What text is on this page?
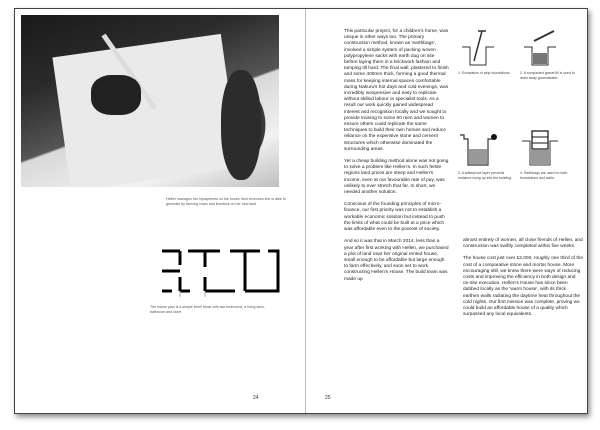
Hellen manages her repayments on the house from revenues she is able to generate by farming crops and livestock on her new land
The house plan is a simple 60m² block with two bedrooms, a living area, bathroom and store
24

This particular project, for a children's home, was unique in other ways too. The primary construction method, known as 'earthbags', involved a simple system of packing woven polypropylene sacks with earth dug on site before laying them in a brickwork fashion and tamping till hard. The final wall, plastered to finish and some 400mm thick, forming a good thermal mass for keeping internal spaces comfortable during Nakuru's hot days and cold evenings, was incredibly inexpensive and easy to replicate without skilled labour or specialist tools. As a result our work quickly gained widespread interest and recognition locally and we sought to provide training to some 60 men and women to ensure others could replicate the same techniques to build their own homes and reduce reliance on the expensive stone and cement structures which otherwise dominated the surrounding areas.

Yet a cheap building method alone was not going to solve a problem like Hellen's. In such fertile regions land prices are steep and Hellen's income, even at our favourable rate of pay, was unlikely to ever stretch that far. In short, we needed another solution.

Conscious of the founding principles of micro-finance, our first priority was not to establish a workable economic solution but instead to push the limits of what could be built at a price which was affordable even to the poorest of society.

And so it was that in March 2014, less than a year after first working with Hellen, we purchased a plot of land near her original rented house, small enough to be affordable but large enough to farm effectively, and soon set to work constructing Hellen's House. The build team was made up

1. Excavation of strip foundations.	2. A compacted gravel fill is used to drain away groundwater.
3. A waterproof layer prevents moisture rising up into the building.
4. Earthbags are used for both foundations and walls.

almost entirely of women, all close friends of Hellen, and construction was swiftly completed within five weeks.

The house cost just over £2,000, roughly one third of the cost of a comparative stone and mortar house. More encouraging still, we knew there were ways of reducing costs and improving the efficiency in both design and on-site execution. Hellen's House has since been dubbed locally as the 'warm house', with its thick earthen walls radiating the daytime heat throughout the cold nights. Our first mission was complete, proving we could build an affordable house of a quality which surpassed any local equivalents.

25
